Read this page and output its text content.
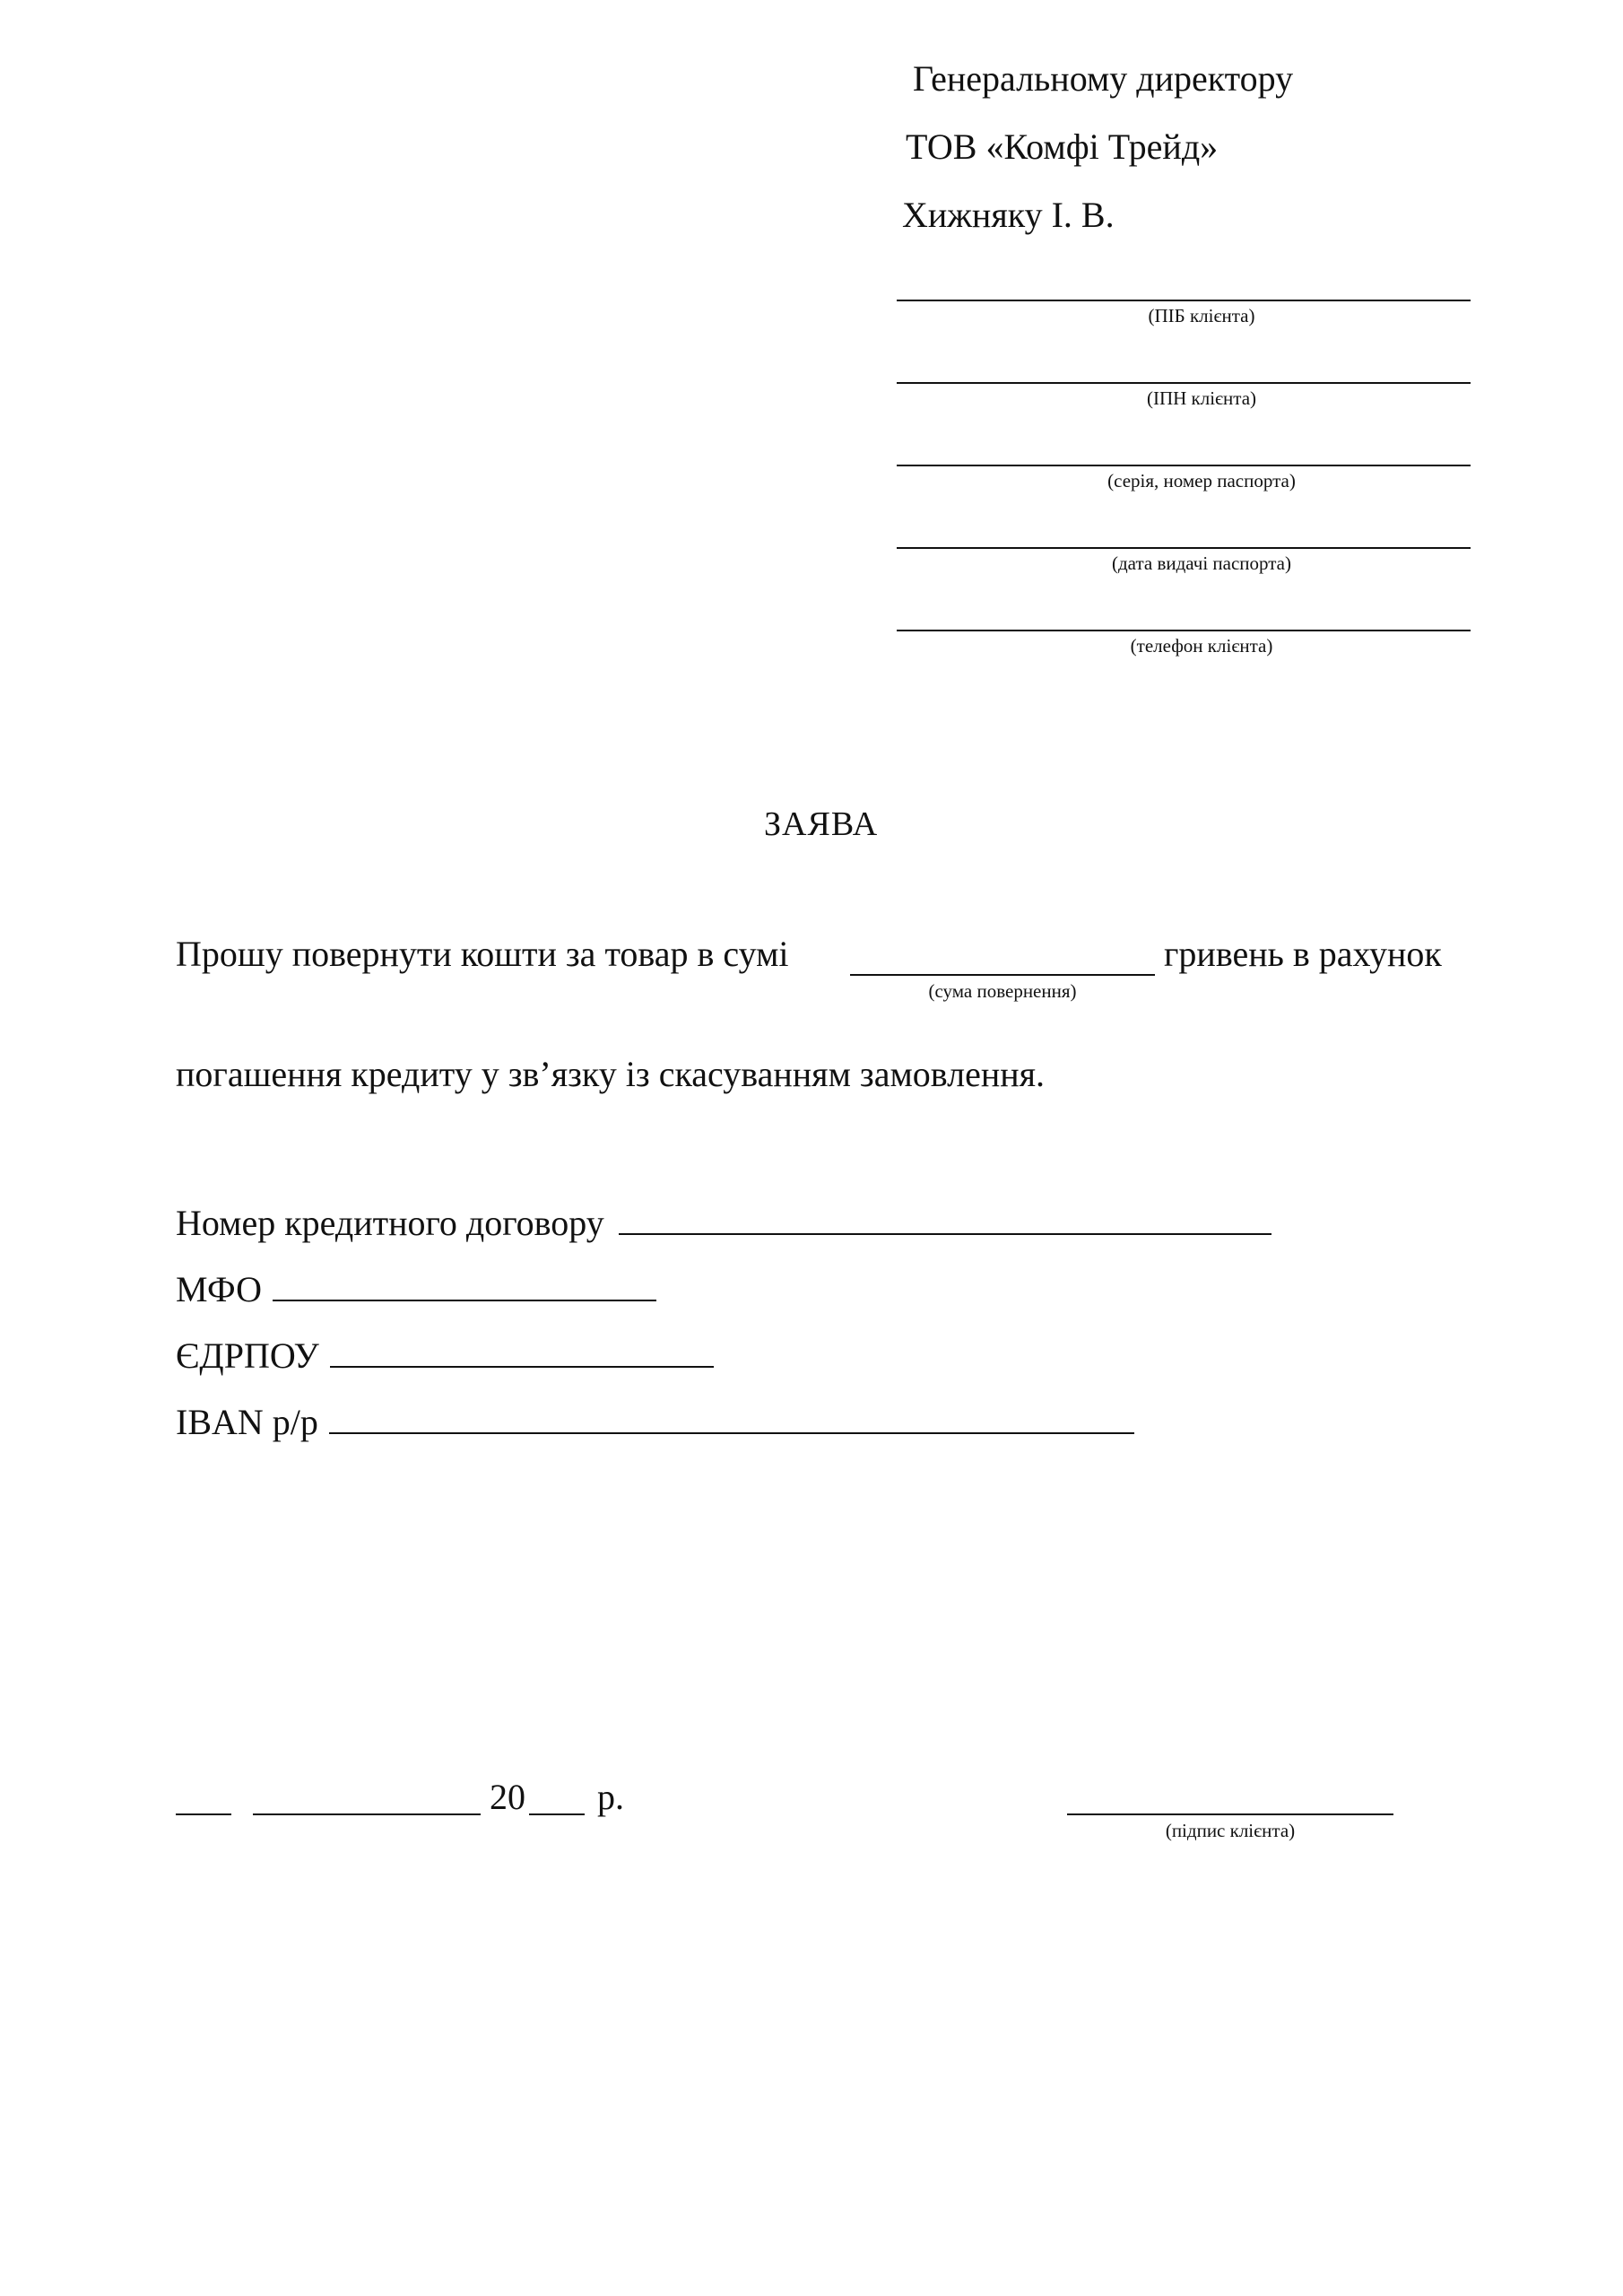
Генеральному директору
ТОВ «Комфі Трейд»
Хижняку І. В.
(ПІБ клієнта)
(ІПН клієнта)
(серія, номер паспорта)
(дата видачі паспорта)
(телефон клієнта)
ЗАЯВА
Прошу повернути кошти за товар в сумі
(сума повернення)
гривень в рахунок
погашення кредиту у зв’язку із скасуванням замовлення.
Номер кредитного договору
МФО
ЄДРПОУ
IBAN р/р
20 р.
(підпис клієнта)
